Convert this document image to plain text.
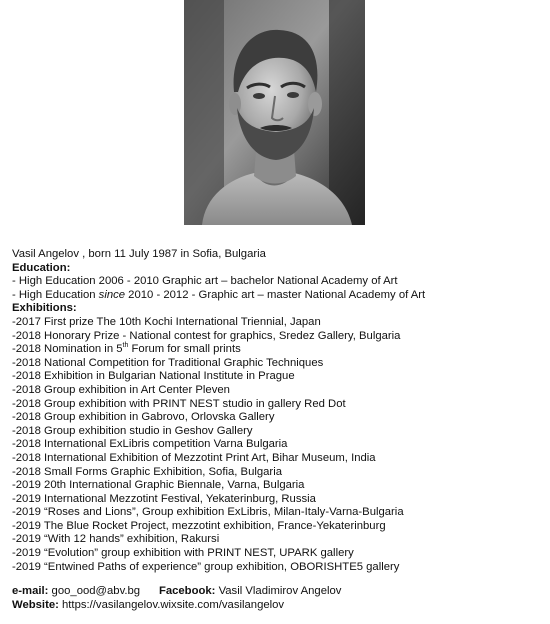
Vasil Angelov , born 11 July 1987 in Sofia, Bulgaria
Education:
- High Education 2006 - 2010 Graphic art – bachelor National Academy of Art
- High Education since 2010 - 2012 - Graphic art – master National Academy of Art
Exhibitions:
-2017 First prize The 10th Kochi International Triennial, Japan
-2018 Honorary Prize - National contest for graphics, Sredez Gallery, Bulgaria
-2018 Nomination in 5th Forum for small prints
-2018 National Competition for Traditional Graphic Techniques
-2018 Exhibition in Bulgarian National Institute in Prague
-2018 Group exhibition in Art Center Pleven
-2018 Group exhibition with PRINT NEST studio in gallery Red Dot
-2018 Group exhibition in Gabrovo, Orlovska Gallery
-2018 Group exhibition studio in Geshov Gallery
-2018 International ExLibris competition Varna Bulgaria
-2018 International Exhibition of Mezzotint Print Art, Bihar Museum, India
-2018 Small Forms Graphic Exhibition, Sofia, Bulgaria
-2019 20th International Graphic Biennale, Varna, Bulgaria
-2019 International Mezzotint Festival, Yekaterinburg, Russia
-2019 “Roses and Lions”, Group exhibition ExLibris, Milan-Italy-Varna-Bulgaria
-2019 The Blue Rocket Project, mezzotint exhibition, France-Yekaterinburg
-2019 “With 12 hands” exhibition, Rakursi
-2019 “Evolution” group exhibition with PRINT NEST, UPARK gallery
-2019 “Entwined Paths of experience” group exhibition, OBORISHTE5 gallery
e-mail: goo_ood@abv.bg Facebook: Vasil Vladimirov Angelov
Website: https://vasilangelov.wixsite.com/vasilangelov
